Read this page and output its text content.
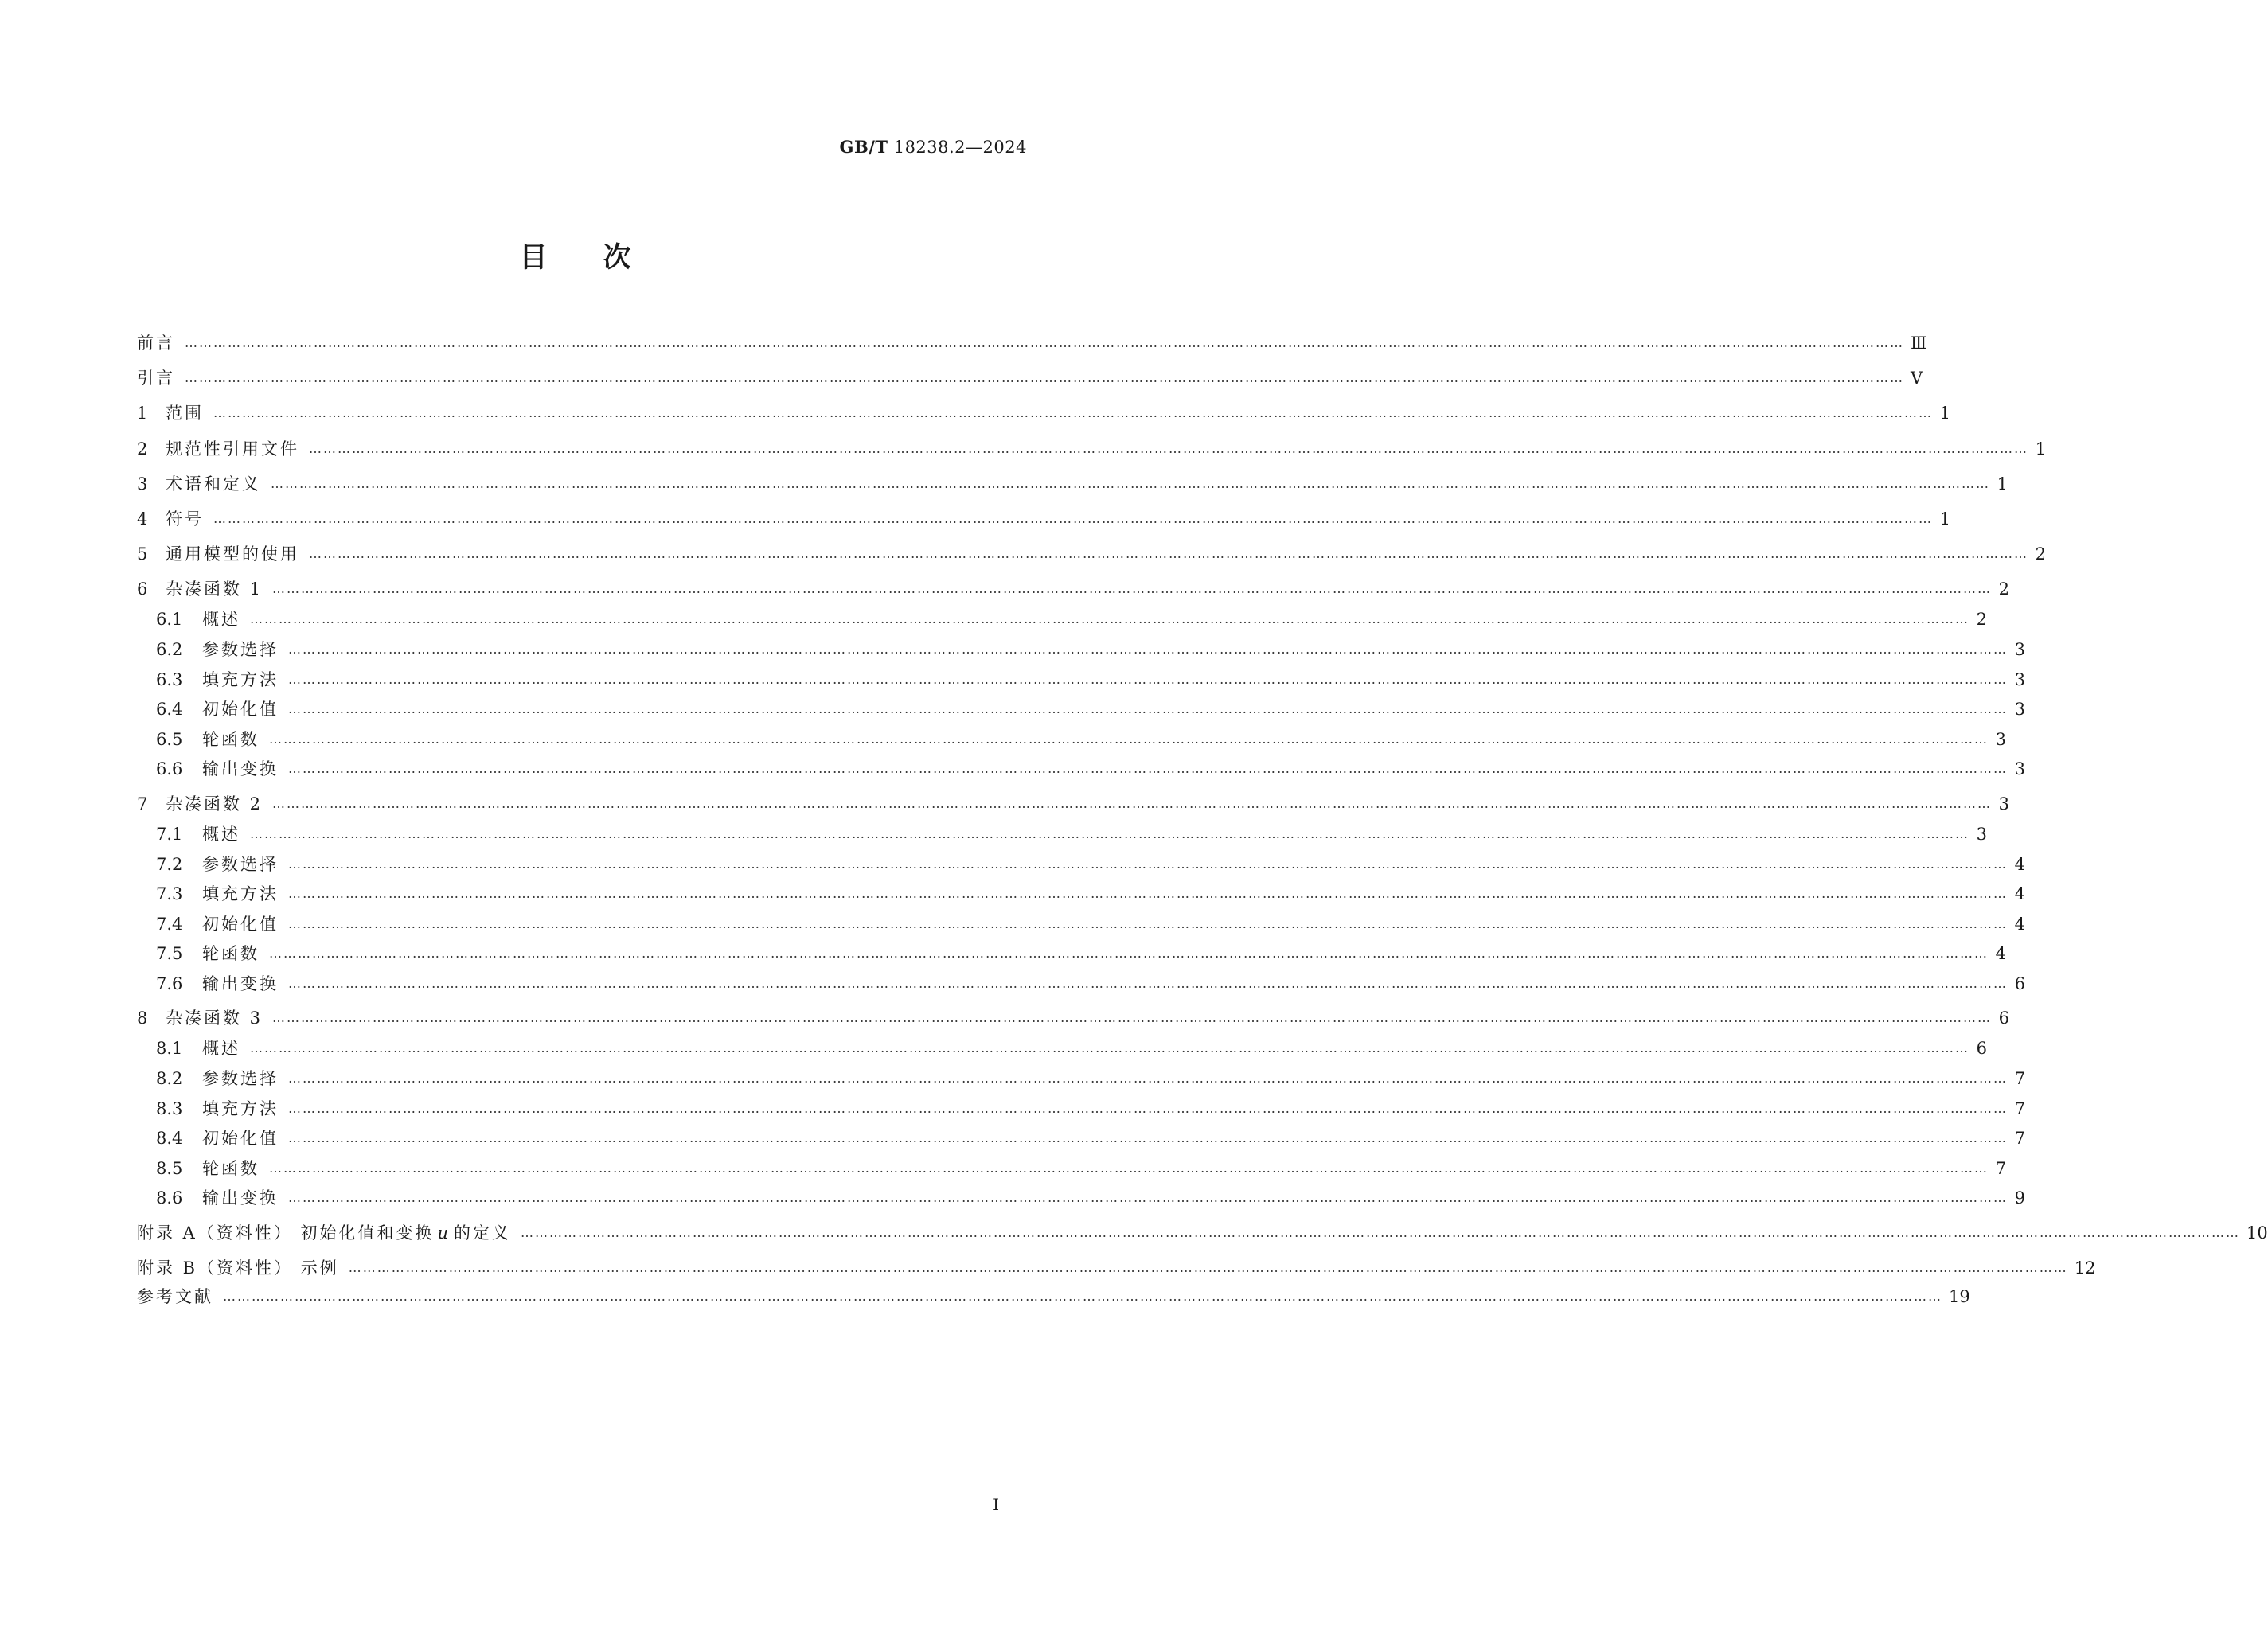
GB/T 18238.2—2024
目次
前言 ……………………………………………………………………………………………………………………………………………………………………………………………………………………………………………………………………………………………………………………………… Ⅲ
引言 ……………………………………………………………………………………………………………………………………………………………………………………………………………………………………………………………………………………………………………………………… Ⅴ
1	范围 ……………………………………………………………………………………………………………………………………………………………………………………………………………………………………………………………………………………………………………………………… 1
2	规范性引用文件 ……………………………………………………………………………………………………………………………………………………………………………………………………………………………………………………………………………………………………………………………… 1
3	术语和定义 ……………………………………………………………………………………………………………………………………………………………………………………………………………………………………………………………………………………………………………………………… 1
4	符号 ……………………………………………………………………………………………………………………………………………………………………………………………………………………………………………………………………………………………………………………………… 1
5	通用模型的使用 ……………………………………………………………………………………………………………………………………………………………………………………………………………………………………………………………………………………………………………………………… 2
6	杂凑函数 1 ……………………………………………………………………………………………………………………………………………………………………………………………………………………………………………………………………………………………………………………………… 2
6.1	概述 ……………………………………………………………………………………………………………………………………………………………………………………………………………………………………………………………………………………………………………………………… 2
6.2	参数选择 ……………………………………………………………………………………………………………………………………………………………………………………………………………………………………………………………………………………………………………………………… 3
6.3	填充方法 ……………………………………………………………………………………………………………………………………………………………………………………………………………………………………………………………………………………………………………………………… 3
6.4	初始化值 ……………………………………………………………………………………………………………………………………………………………………………………………………………………………………………………………………………………………………………………………… 3
6.5	轮函数 ……………………………………………………………………………………………………………………………………………………………………………………………………………………………………………………………………………………………………………………………… 3
6.6	输出变换 ……………………………………………………………………………………………………………………………………………………………………………………………………………………………………………………………………………………………………………………………… 3
7	杂凑函数 2 ……………………………………………………………………………………………………………………………………………………………………………………………………………………………………………………………………………………………………………………………… 3
7.1	概述 ……………………………………………………………………………………………………………………………………………………………………………………………………………………………………………………………………………………………………………………………… 3
7.2	参数选择 ……………………………………………………………………………………………………………………………………………………………………………………………………………………………………………………………………………………………………………………………… 4
7.3	填充方法 ……………………………………………………………………………………………………………………………………………………………………………………………………………………………………………………………………………………………………………………………… 4
7.4	初始化值 ……………………………………………………………………………………………………………………………………………………………………………………………………………………………………………………………………………………………………………………………… 4
7.5	轮函数 ……………………………………………………………………………………………………………………………………………………………………………………………………………………………………………………………………………………………………………………………… 4
7.6	输出变换 ……………………………………………………………………………………………………………………………………………………………………………………………………………………………………………………………………………………………………………………………… 6
8	杂凑函数 3 ……………………………………………………………………………………………………………………………………………………………………………………………………………………………………………………………………………………………………………………………… 6
8.1	概述 ……………………………………………………………………………………………………………………………………………………………………………………………………………………………………………………………………………………………………………………………… 6
8.2	参数选择 ……………………………………………………………………………………………………………………………………………………………………………………………………………………………………………………………………………………………………………………………… 7
8.3	填充方法 ……………………………………………………………………………………………………………………………………………………………………………………………………………………………………………………………………………………………………………………………… 7
8.4	初始化值 ……………………………………………………………………………………………………………………………………………………………………………………………………………………………………………………………………………………………………………………………… 7
8.5	轮函数 ……………………………………………………………………………………………………………………………………………………………………………………………………………………………………………………………………………………………………………………………… 7
8.6	输出变换 ……………………………………………………………………………………………………………………………………………………………………………………………………………………………………………………………………………………………………………………………… 9
附录 A（资料性） 初始化值和变换 u 的定义 ……………………………………………………………………………………………………………………………………………………………………………………………………………………………………………………………………………………………………………………………… 10
附录 B（资料性） 示例 ……………………………………………………………………………………………………………………………………………………………………………………………………………………………………………………………………………………………………………………………… 12
参考文献 ……………………………………………………………………………………………………………………………………………………………………………………………………………………………………………………………………………………………………………………………… 19
Ⅰ
